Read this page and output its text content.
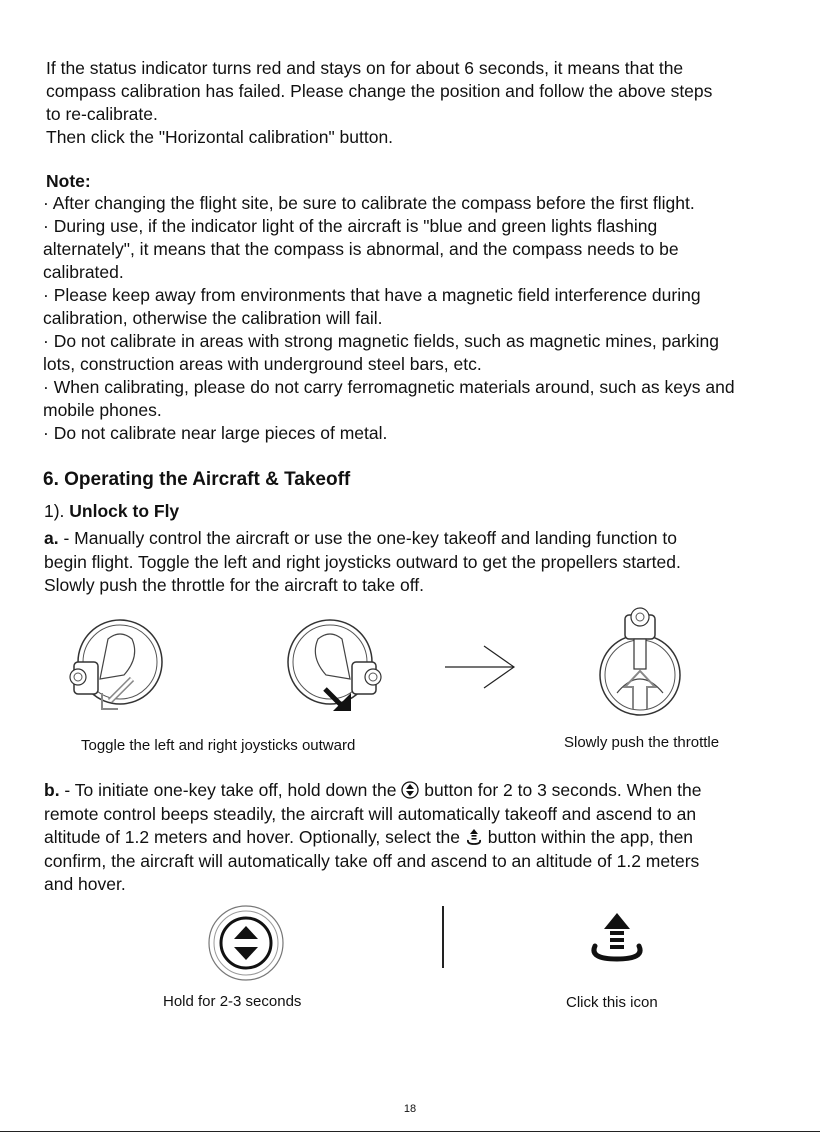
If the status indicator turns red and stays on for about 6 seconds, it means that the

compass calibration has failed. Please change the position and follow the above steps

to re-calibrate.

Then click the "Horizontal calibration" button.

Note:

· After changing the flight site, be sure to calibrate the compass before the first flight.

· During use, if the indicator light of the aircraft is "blue and green lights flashing

alternately", it means that the compass is abnormal, and the compass needs to be

calibrated.

· Please keep away from environments that have a magnetic field interference during

calibration, otherwise the calibration will fail.

· Do not calibrate in areas with strong magnetic fields, such as magnetic mines, parking

lots, construction areas with underground steel bars, etc.

· When calibrating, please do not carry ferromagnetic materials around, such as keys and

mobile phones.

· Do not calibrate near large pieces of metal.

6. Operating the Aircraft & Takeoff
1). Unlock to Fly

a. - Manually control the aircraft or use the one-key takeoff and landing function to

begin flight. Toggle the left and right joysticks outward to get the propellers started.

Slowly push the throttle for the aircraft to take off.

Toggle the left and right joysticks outward	Slowly push the throttle

b. - To initiate one-key take off, hold down the  button for 2 to 3 seconds. When the

remote control beeps steadily, the aircraft will automatically takeoff and ascend to an

altitude of 1.2 meters and hover. Optionally, select the  button within the app, then

confirm, the aircraft will automatically take off and ascend to an altitude of 1.2 meters

and hover.

Hold for 2-3 seconds	Click this icon
18
